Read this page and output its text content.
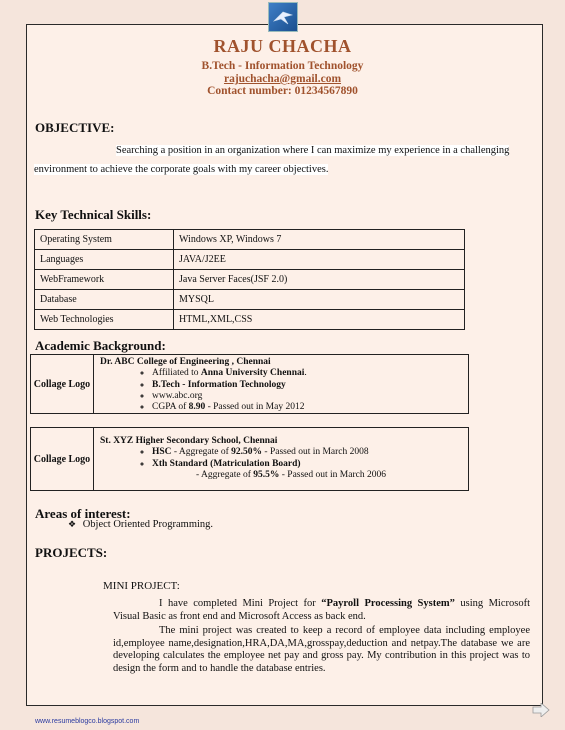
RAJU CHACHA
B.Tech - Information Technology
rajuchacha@gmail.com
Contact number: 01234567890
OBJECTIVE:
Searching a position in an organization where I can maximize my experience in a challenging
environment to achieve the corporate goals with my career objectives.
Key Technical Skills:
Operating System	Windows XP, Windows 7
Languages	JAVA/J2EE
WebFramework	Java Server Faces(JSF 2.0)
Database	MYSQL
Web Technologies	HTML,XML,CSS
Academic Background:
Collage Logo
Dr. ABC College of Engineering , Chennai
◦ Affiliated to Anna University Chennai.
◦ B.Tech - Information Technology
◦ www.abc.org
◦ CGPA of 8.90 - Passed out in May 2012
Collage Logo
St. XYZ Higher Secondary School, Chennai
◦ HSC - Aggregate of 92.50% - Passed out in March 2008
◦ Xth Standard (Matriculation Board)
- Aggregate of 95.5% - Passed out in March 2006
Areas of interest:
❖ Object Oriented Programming.
PROJECTS:
MINI PROJECT:
I have completed Mini Project for “Payroll Processing System” using Microsoft Visual Basic as front end and Microsoft Access as back end.
The mini project was created to keep a record of employee data including employee id,employee name,designation,HRA,DA,MA,grosspay,deduction and netpay.The database we are developing calculates the employee net pay and gross pay. My contribution in this project was to design the form and to handle the database entries.
www.resumeblogco.blogspot.com
